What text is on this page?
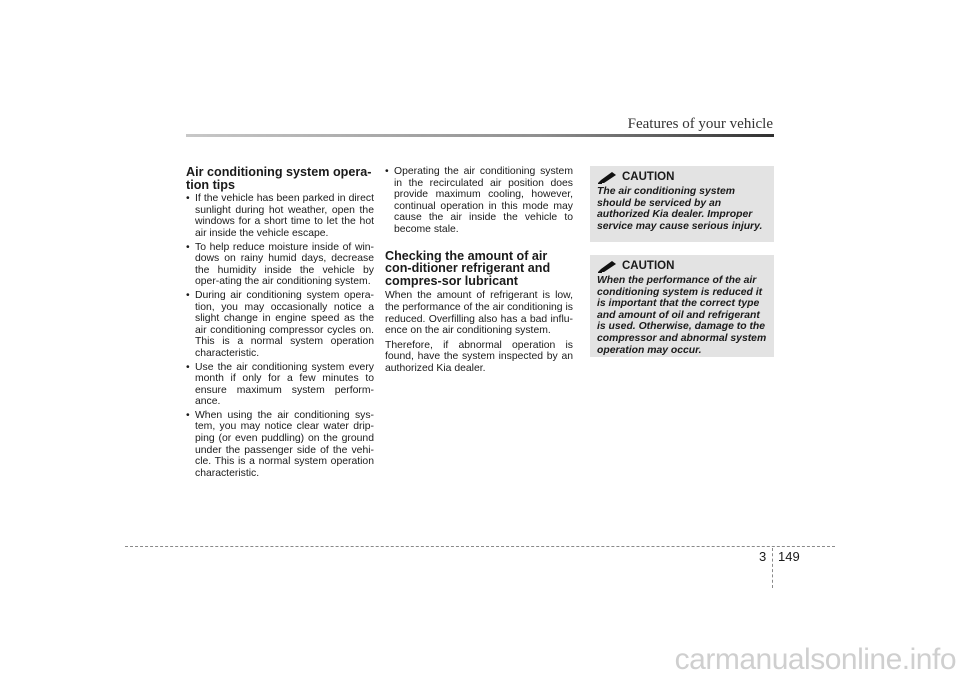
Features of your vehicle
Air conditioning system opera-tion tips
• If the vehicle has been parked in direct sunlight during hot weather, open the windows for a short time to let the hot air inside the vehicle escape.
• To help reduce moisture inside of win-dows on rainy humid days, decrease the humidity inside the vehicle by oper-ating the air conditioning system.
• During air conditioning system opera-tion, you may occasionally notice a slight change in engine speed as the air conditioning compressor cycles on. This is a normal system operation characteristic.
• Use the air conditioning system every month if only for a few minutes to ensure maximum system perform-ance.
• When using the air conditioning sys-tem, you may notice clear water drip-ping (or even puddling) on the ground under the passenger side of the vehi-cle. This is a normal system operation characteristic.
• Operating the air conditioning system in the recirculated air position does provide maximum cooling, however, continual operation in this mode may cause the air inside the vehicle to become stale.
Checking the amount of air con-ditioner refrigerant and compres-sor lubricant

When the amount of refrigerant is low, the performance of the air conditioning is reduced. Overfilling also has a bad influ-ence on the air conditioning system.

Therefore, if abnormal operation is found, have the system inspected by an authorized Kia dealer.

CAUTION

The air conditioning system should be serviced by an authorized Kia dealer. Improper service may cause serious injury.

CAUTION

When the performance of the air conditioning system is reduced it is important that the correct type and amount of oil and refrigerant is used. Otherwise, damage to the compressor and abnormal system operation may occur.

3 149
carmanualsonline.info
